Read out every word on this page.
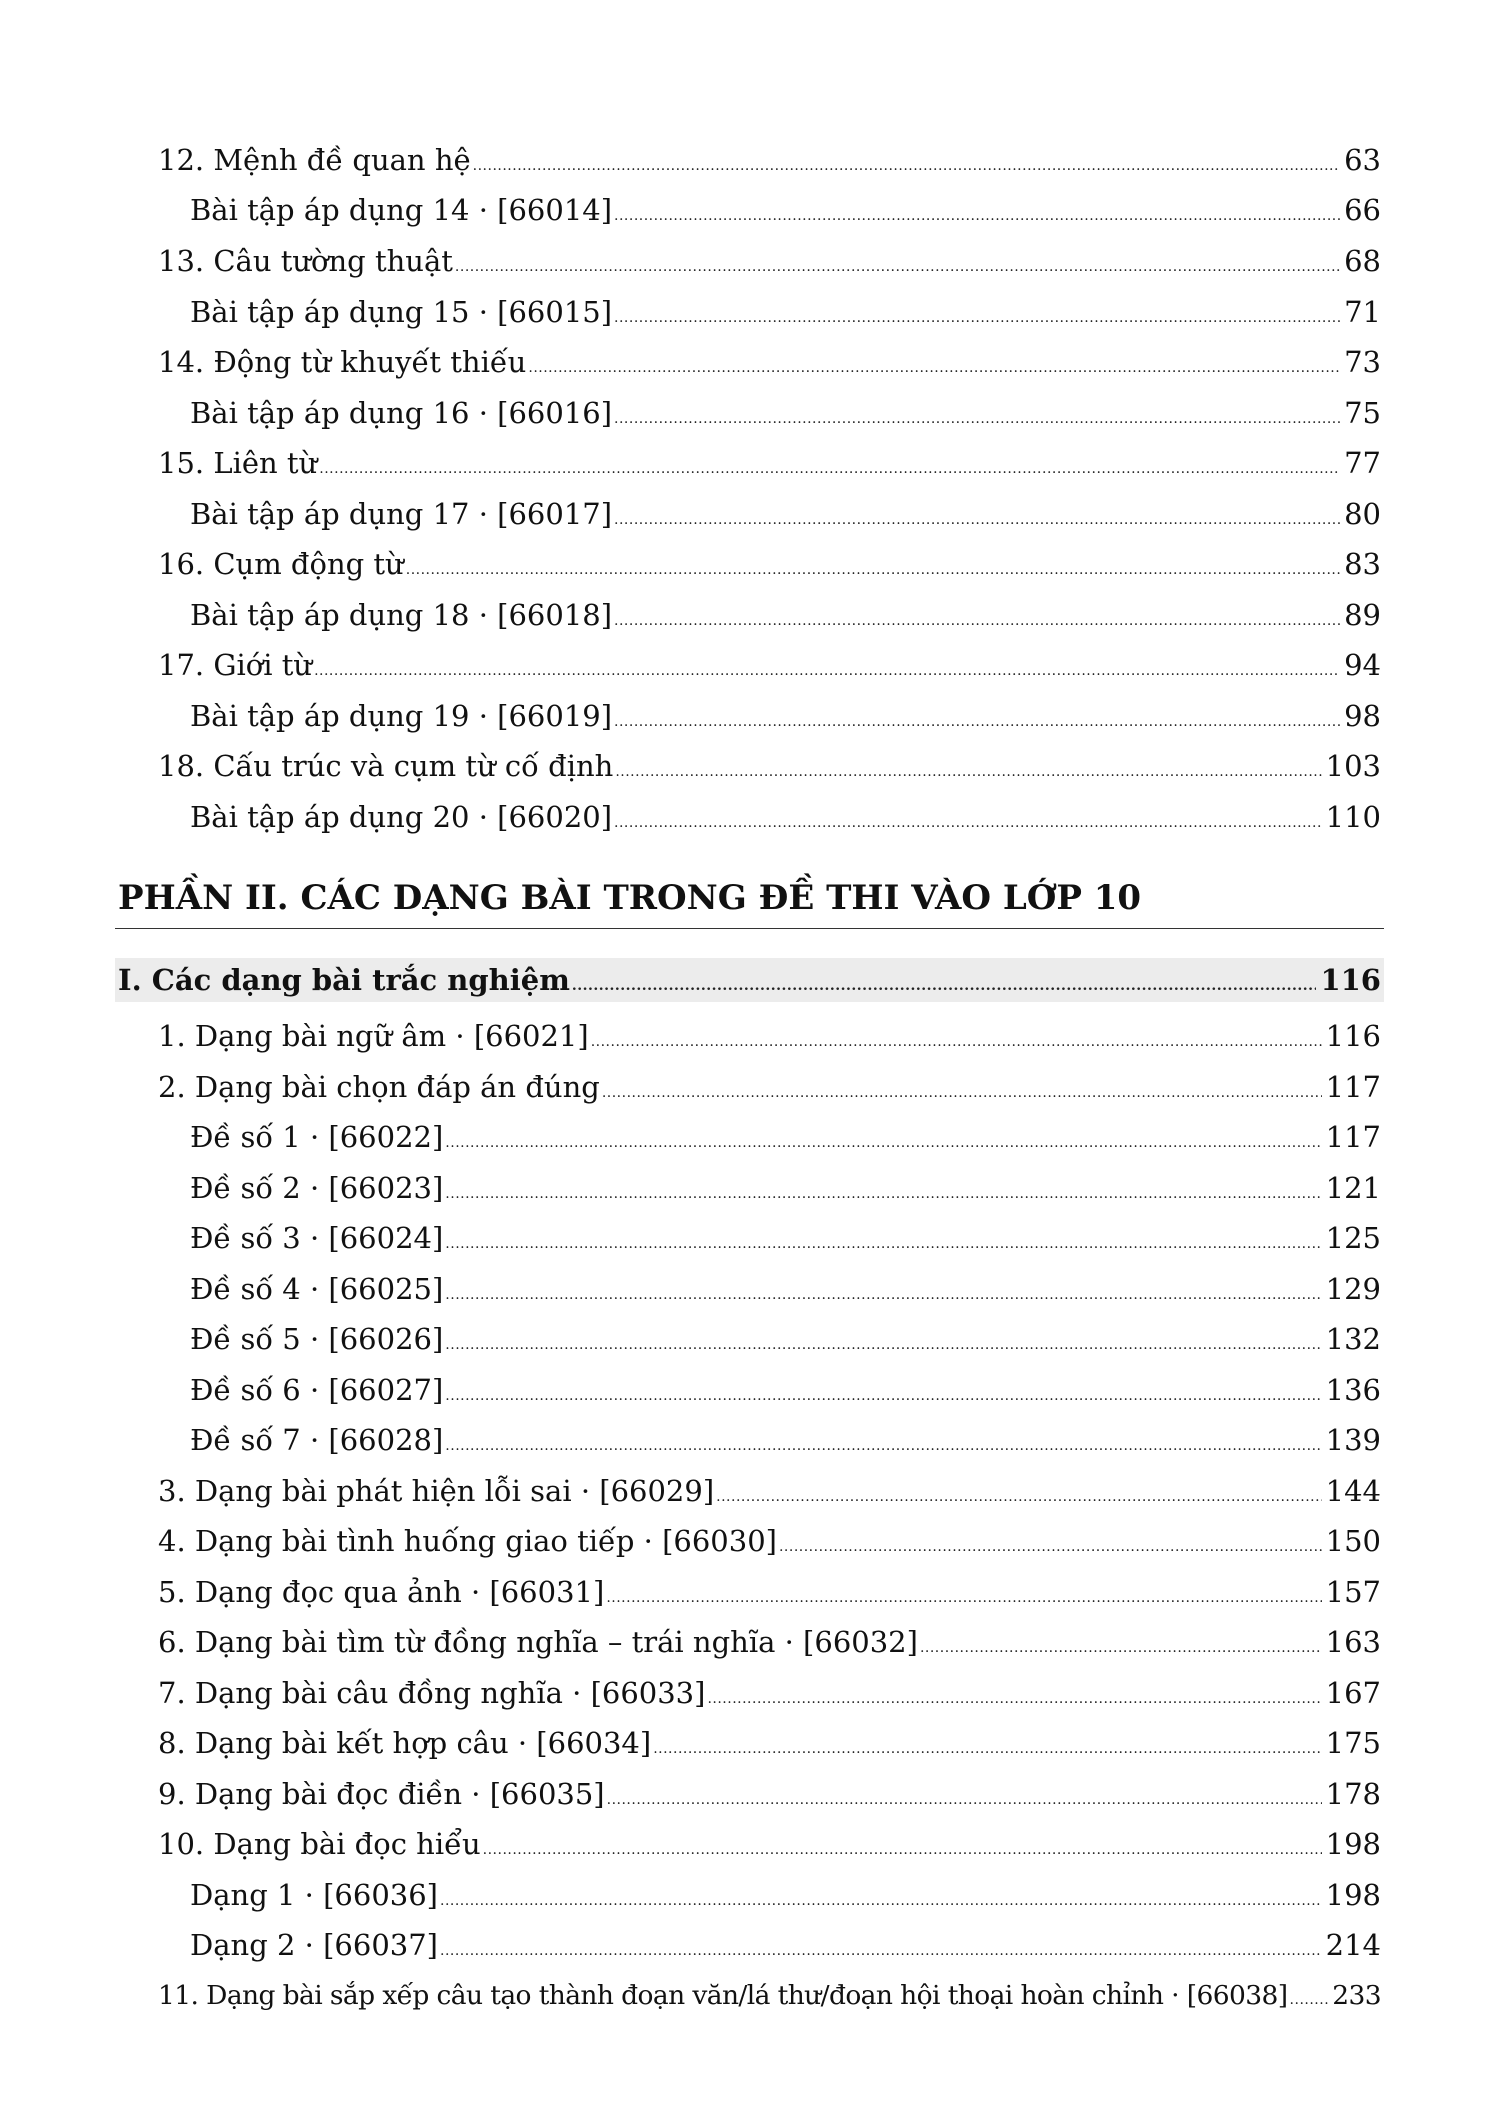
12. Mệnh đề quan hệ .....	63
Bài tập áp dụng 14 · [66014] .....	66
13. Câu tường thuật .....	68
Bài tập áp dụng 15 · [66015] .....	71
14. Động từ khuyết thiếu .....	73
Bài tập áp dụng 16 · [66016] .....	75
15. Liên từ .....	77
Bài tập áp dụng 17 · [66017] .....	80
16. Cụm động từ .....	83
Bài tập áp dụng 18 · [66018] .....	89
17. Giới từ .....	94
Bài tập áp dụng 19 · [66019] .....	98
18. Cấu trúc và cụm từ cố định .....	103
Bài tập áp dụng 20 · [66020] .....	110
PHẦN II. CÁC DẠNG BÀI TRONG ĐỀ THI VÀO LỚP 10
I. Các dạng bài trắc nghiệm .....	116
1. Dạng bài ngữ âm · [66021] .....	116
2. Dạng bài chọn đáp án đúng .....	117
Đề số 1 · [66022] .....	117
Đề số 2 · [66023] .....	121
Đề số 3 · [66024] .....	125
Đề số 4 · [66025] .....	129
Đề số 5 · [66026] .....	132
Đề số 6 · [66027] .....	136
Đề số 7 · [66028] .....	139
3. Dạng bài phát hiện lỗi sai · [66029] .....	144
4. Dạng bài tình huống giao tiếp · [66030] .....	150
5. Dạng đọc qua ảnh · [66031] .....	157
6. Dạng bài tìm từ đồng nghĩa – trái nghĩa · [66032] .....	163
7. Dạng bài câu đồng nghĩa · [66033] .....	167
8. Dạng bài kết hợp câu · [66034] .....	175
9. Dạng bài đọc điền · [66035] .....	178
10. Dạng bài đọc hiểu .....	198
Dạng 1 · [66036] .....	198
Dạng 2 · [66037] .....	214
11. Dạng bài sắp xếp câu tạo thành đoạn văn/lá thư/đoạn hội thoại hoàn chỉnh · [66038] ..... 233
